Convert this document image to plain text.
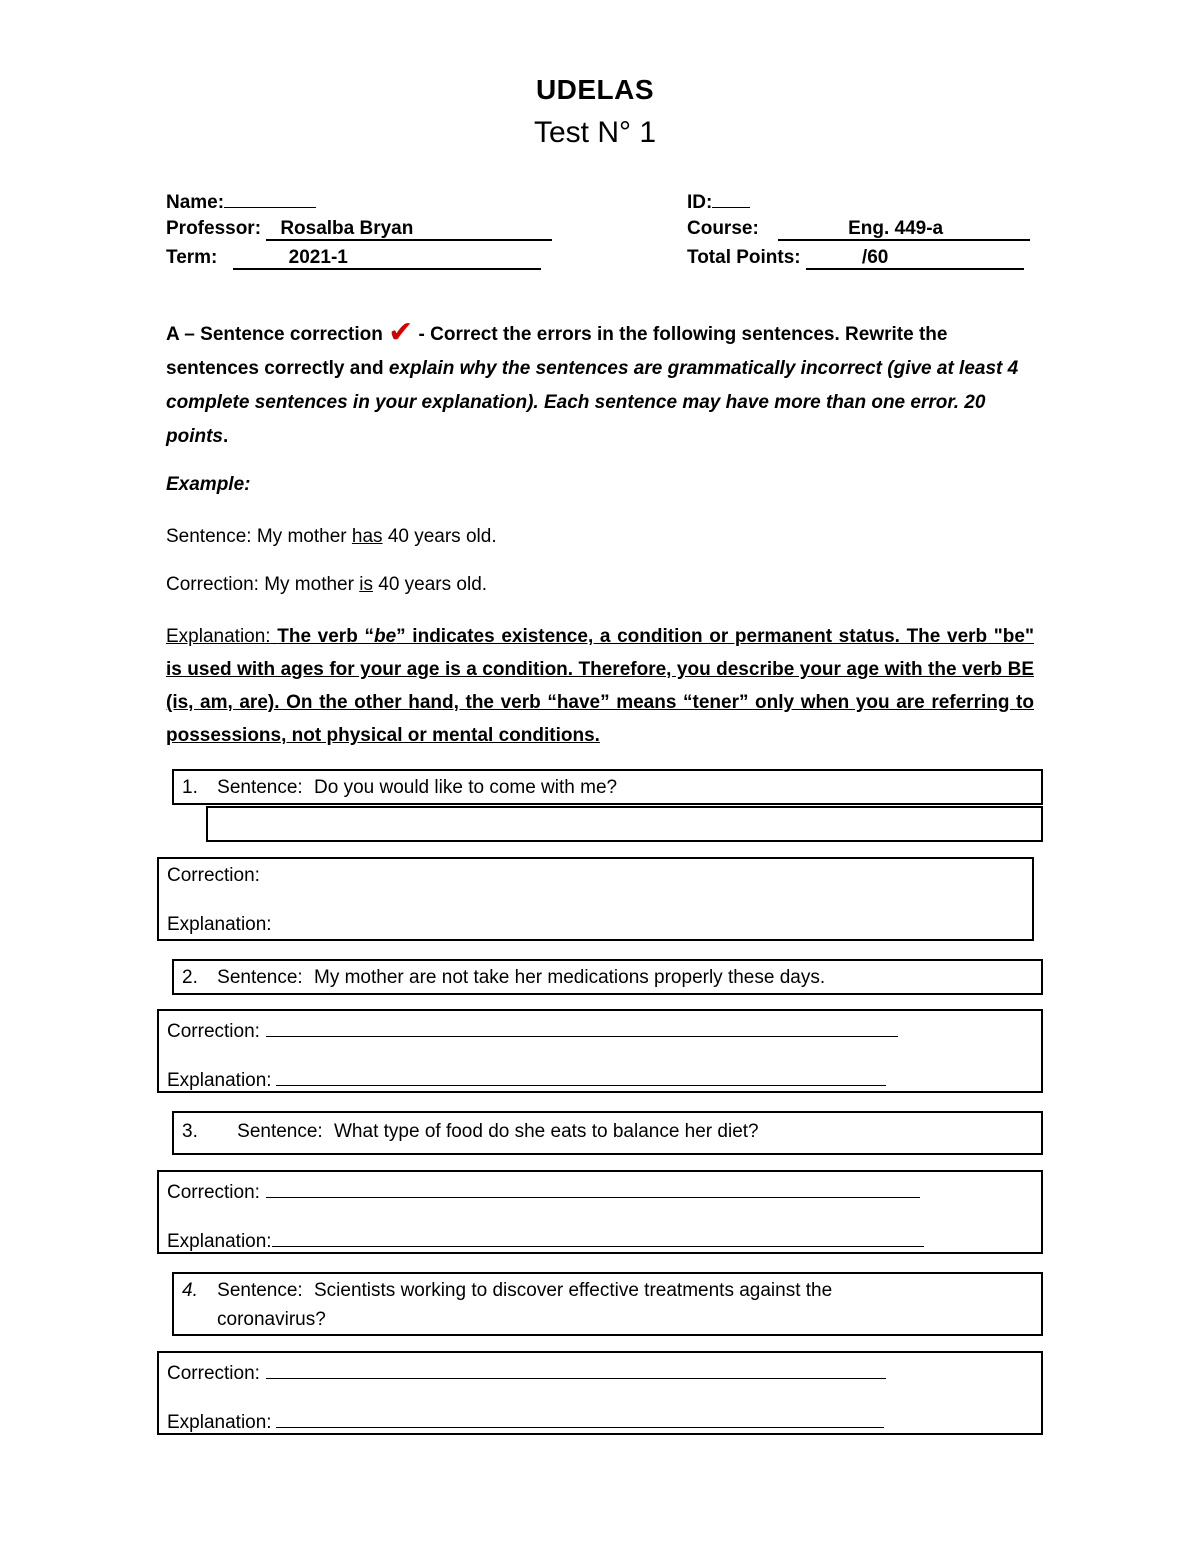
UDELAS
Test N° 1
Name:
Professor: Rosalba Bryan
Term:	2021-1
ID:
Course:	Eng. 449-a
Total Points:	/60
A – Sentence correction ✔ - Correct the errors in the following sentences. Rewrite the sentences correctly and explain why the sentences are grammatically incorrect (give at least 4 complete sentences in your explanation). Each sentence may have more than one error. 20 points.
Example:
Sentence: My mother has 40 years old.
Correction: My mother is 40 years old.
Explanation: The verb “be” indicates existence, a condition or permanent status. The verb "be" is used with ages for your age is a condition. Therefore, you describe your age with the verb BE (is, am, are). On the other hand, the verb “have” means “tener” only when you are referring to possessions, not physical or mental conditions.
1. Sentence: Do you would like to come with me?
Correction:
Explanation:
2. Sentence: My mother are not take her medications properly these days.
Correction:
Explanation:
3. Sentence: What type of food do she eats to balance her diet?
Correction:
Explanation:
4. Sentence: Scientists working to discover effective treatments against the
coronavirus?
Correction:
Explanation:
